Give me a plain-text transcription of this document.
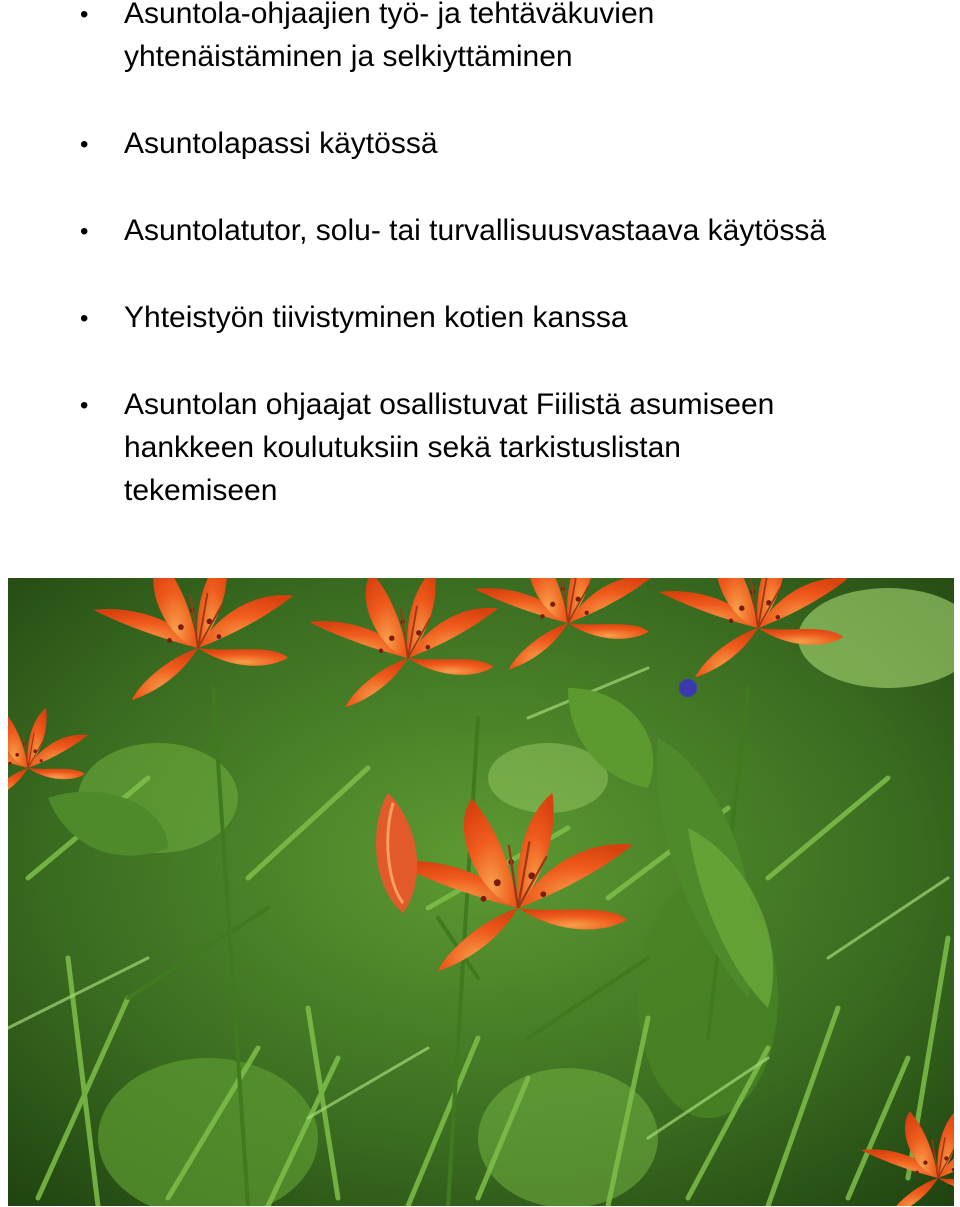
• Asuntola-ohjaajien työ- ja tehtäväkuvien
yhtenäistäminen ja selkiyttäminen
• Asuntolapassi käytössä
• Asuntolatutor, solu- tai turvallisuusvastaava käytössä
• Yhteistyön tiivistyminen kotien kanssa
• Asuntolan ohjaajat osallistuvat Fiilistä asumiseen
hankkeen koulutuksiin sekä tarkistuslistan
tekemiseen
